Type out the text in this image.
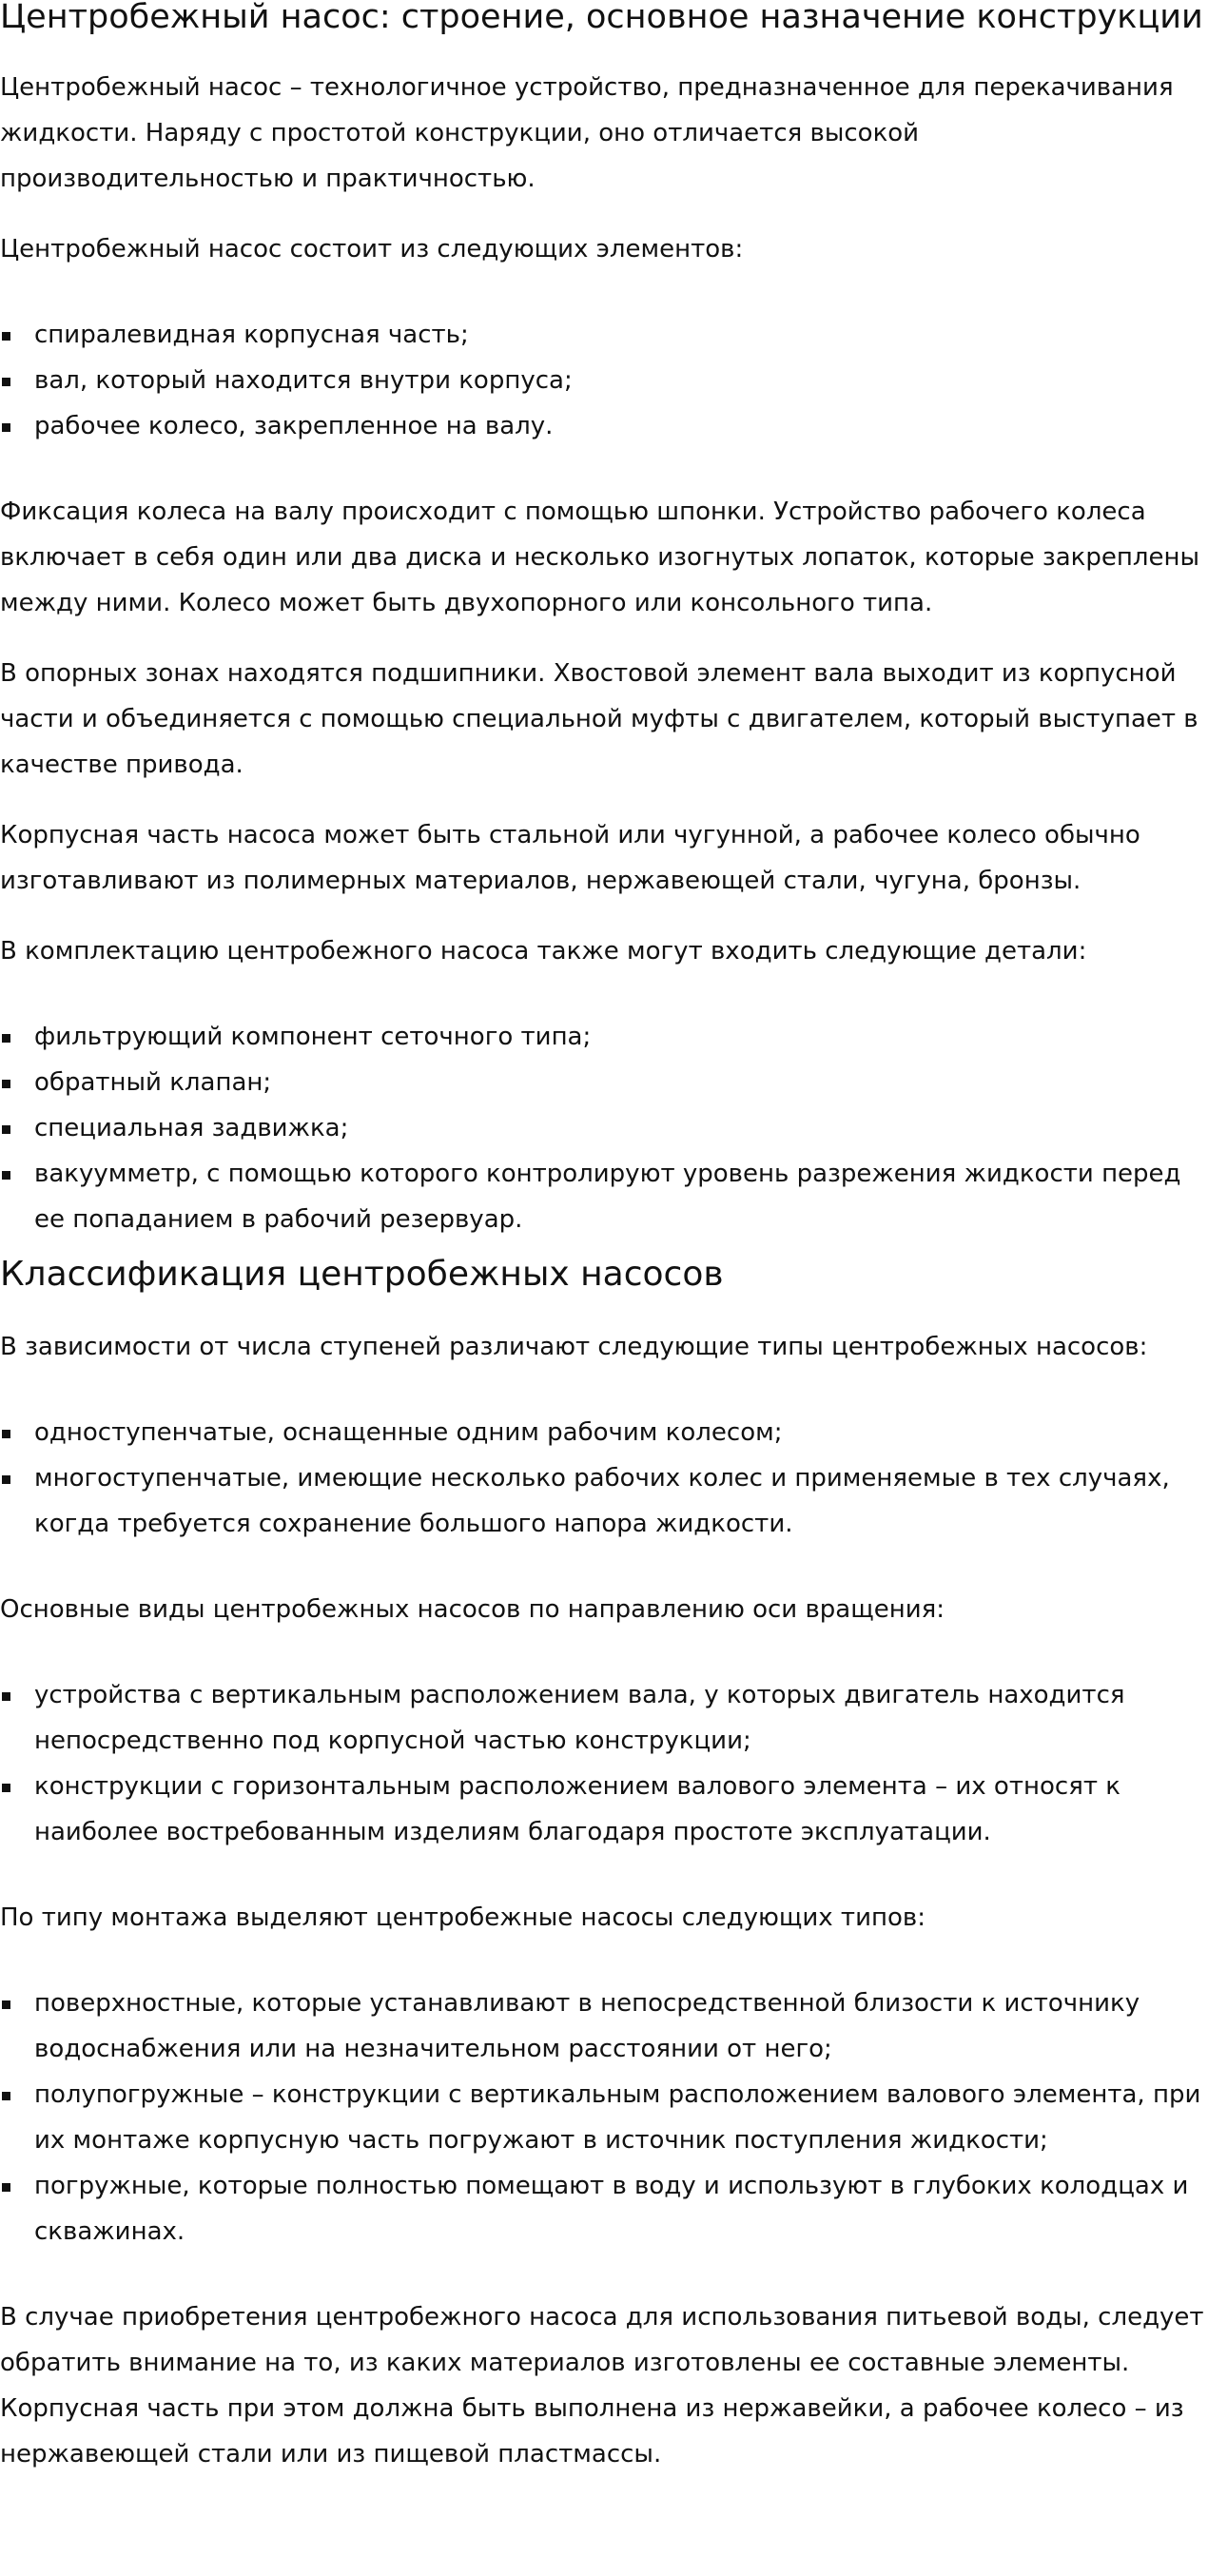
Центробежный насос: строение, основное назначение конструкции

Центробежный насос – технологичное устройство, предназначенное для перекачивания жидкости. Наряду с простотой конструкции, оно отличается высокой производительностью и практичностью.

Центробежный насос состоит из следующих элементов:

спиралевидная корпусная часть;
вал, который находится внутри корпуса;
рабочее колесо, закрепленное на валу.

Фиксация колеса на валу происходит с помощью шпонки. Устройство рабочего колеса включает в себя один или два диска и несколько изогнутых лопаток, которые закреплены между ними. Колесо может быть двухопорного или консольного типа.

В опорных зонах находятся подшипники. Хвостовой элемент вала выходит из корпусной части и объединяется с помощью специальной муфты с двигателем, который выступает в качестве привода.

Корпусная часть насоса может быть стальной или чугунной, а рабочее колесо обычно изготавливают из полимерных материалов, нержавеющей стали, чугуна, бронзы.

В комплектацию центробежного насоса также могут входить следующие детали:

фильтрующий компонент сеточного типа;
обратный клапан;
специальная задвижка;
вакуумметр, с помощью которого контролируют уровень разрежения жидкости перед ее попаданием в рабочий резервуар.
Классификация центробежных насосов

В зависимости от числа ступеней различают следующие типы центробежных насосов:

одноступенчатые, оснащенные одним рабочим колесом;
многоступенчатые, имеющие несколько рабочих колес и применяемые в тех случаях, когда требуется сохранение большого напора жидкости.

Основные виды центробежных насосов по направлению оси вращения:

устройства с вертикальным расположением вала, у которых двигатель находится непосредственно под корпусной частью конструкции;
конструкции с горизонтальным расположением валового элемента – их относят к наиболее востребованным изделиям благодаря простоте эксплуатации.

По типу монтажа выделяют центробежные насосы следующих типов:

поверхностные, которые устанавливают в непосредственной близости к источнику водоснабжения или на незначительном расстоянии от него;
полупогружные – конструкции с вертикальным расположением валового элемента, при их монтаже корпусную часть погружают в источник поступления жидкости;
погружные, которые полностью помещают в воду и используют в глубоких колодцах и скважинах.

В случае приобретения центробежного насоса для использования питьевой воды, следует обратить внимание на то, из каких материалов изготовлены ее составные элементы. Корпусная часть при этом должна быть выполнена из нержавейки, а рабочее колесо – из нержавеющей стали или из пищевой пластмассы.
